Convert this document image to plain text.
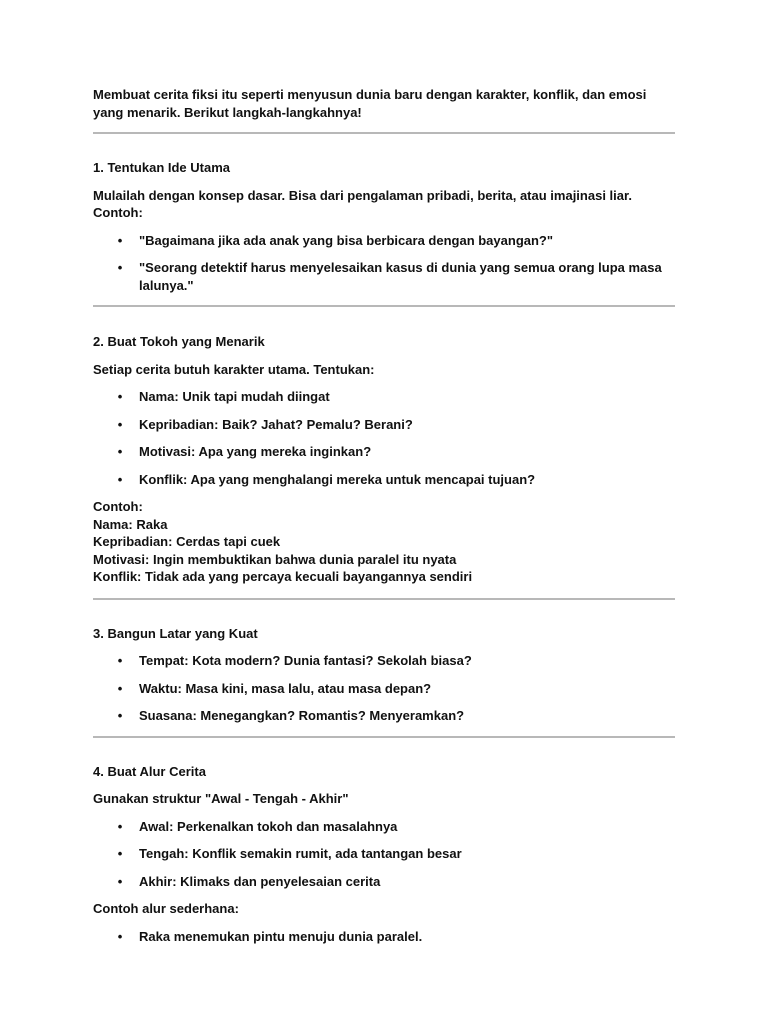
Membuat cerita fiksi itu seperti menyusun dunia baru dengan karakter, konflik, dan emosi yang menarik. Berikut langkah-langkahnya!

1. Tentukan Ide Utama

Mulailah dengan konsep dasar. Bisa dari pengalaman pribadi, berita, atau imajinasi liar. Contoh:

• "Bagaimana jika ada anak yang bisa berbicara dengan bayangan?"
• "Seorang detektif harus menyelesaikan kasus di dunia yang semua orang lupa masa lalunya."

2. Buat Tokoh yang Menarik

Setiap cerita butuh karakter utama. Tentukan:

• Nama: Unik tapi mudah diingat
• Kepribadian: Baik? Jahat? Pemalu? Berani?
• Motivasi: Apa yang mereka inginkan?
• Konflik: Apa yang menghalangi mereka untuk mencapai tujuan?

Contoh:

Nama: Raka

Kepribadian: Cerdas tapi cuek

Motivasi: Ingin membuktikan bahwa dunia paralel itu nyata

Konflik: Tidak ada yang percaya kecuali bayangannya sendiri

3. Bangun Latar yang Kuat

• Tempat: Kota modern? Dunia fantasi? Sekolah biasa?
• Waktu: Masa kini, masa lalu, atau masa depan?
• Suasana: Menegangkan? Romantis? Menyeramkan?

4. Buat Alur Cerita

Gunakan struktur "Awal - Tengah - Akhir"

• Awal: Perkenalkan tokoh dan masalahnya
• Tengah: Konflik semakin rumit, ada tantangan besar
• Akhir: Klimaks dan penyelesaian cerita

Contoh alur sederhana:

• Raka menemukan pintu menuju dunia paralel.
